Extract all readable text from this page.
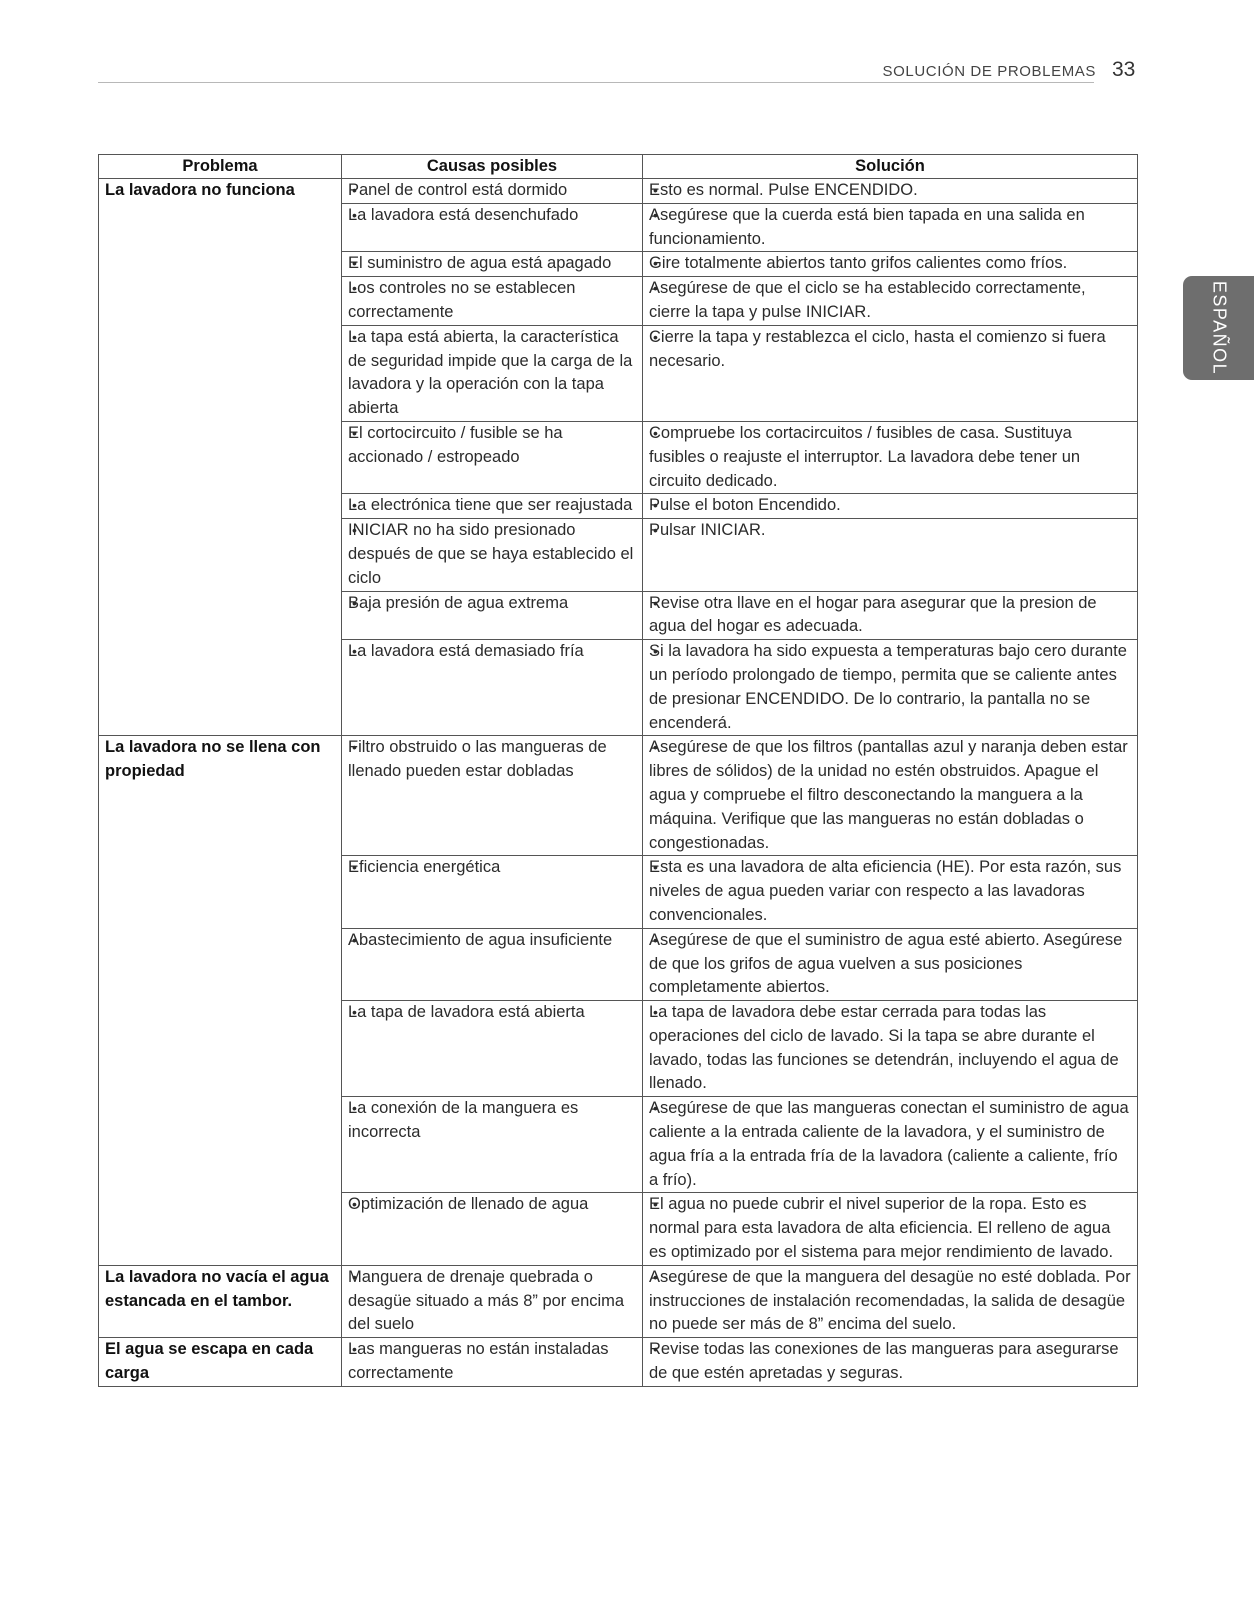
SOLUCIÓN DE PROBLEMAS 33
ESPAÑOL
Problema	Causas posibles	Solución
La lavadora no funciona	• Panel de control está dormido	• Esto es normal. Pulse ENCENDIDO.

	• La lavadora está desenchufado	• Asegúrese que la cuerda está bien tapada en una salida en funcionamiento.

	• El suministro de agua está apagado	• Gire totalmente abiertos tanto grifos calientes como fríos.

	• Los controles no se establecen correctamente	• Asegúrese de que el ciclo se ha establecido correctamente, cierre la tapa y pulse INICIAR.

	• La tapa está abierta, la característica de seguridad impide que la carga de la lavadora y la operación con la tapa abierta	• Cierre la tapa y restablezca el ciclo, hasta el comienzo si fuera necesario.

	• El cortocircuito / fusible se ha accionado / estropeado	• Compruebe los cortacircuitos / fusibles de casa. Sustituya fusibles o reajuste el interruptor. La lavadora debe tener un circuito dedicado.

	• La electrónica tiene que ser reajustada	• Pulse el boton Encendido.

	• INICIAR no ha sido presionado después de que se haya establecido el ciclo	• Pulsar INICIAR.

	• Baja presión de agua extrema	• Revise otra llave en el hogar para asegurar que la presion de agua del hogar es adecuada.

	• La lavadora está demasiado fría	• Si la lavadora ha sido expuesta a temperaturas bajo cero durante un período prolongado de tiempo, permita que se caliente antes de presionar ENCENDIDO. De lo contrario, la pantalla no se encenderá.

La lavadora no se llena con propiedad	• Filtro obstruido o las mangueras de llenado pueden estar dobladas	• Asegúrese de que los filtros (pantallas azul y naranja deben estar libres de sólidos) de la unidad no estén obstruidos. Apague el agua y compruebe el filtro desconectando la manguera a la máquina. Verifique que las mangueras no están dobladas o congestionadas.

	• Eficiencia energética	• Esta es una lavadora de alta eficiencia (HE). Por esta razón, sus niveles de agua pueden variar con respecto a las lavadoras convencionales.

	• Abastecimiento de agua insuficiente	• Asegúrese de que el suministro de agua esté abierto. Asegúrese de que los grifos de agua vuelven a sus posiciones completamente abiertos.

	• La tapa de lavadora está abierta	• La tapa de lavadora debe estar cerrada para todas las operaciones del ciclo de lavado. Si la tapa se abre durante el lavado, todas las funciones se detendrán, incluyendo el agua de llenado.

	• La conexión de la manguera es incorrecta	• Asegúrese de que las mangueras conectan el suministro de agua caliente a la entrada caliente de la lavadora, y el suministro de agua fría a la entrada fría de la lavadora (caliente a caliente, frío a frío).

	• Optimización de llenado de agua	• El agua no puede cubrir el nivel superior de la ropa. Esto es normal para esta lavadora de alta eficiencia. El relleno de agua es optimizado por el sistema para mejor rendimiento de lavado.

La lavadora no vacía el agua estancada en el tambor.	• Manguera de drenaje quebrada o desagüe situado a más 8” por encima del suelo	• Asegúrese de que la manguera del desagüe no esté doblada. Por instrucciones de instalación recomendadas, la salida de desagüe no puede ser más de 8” encima del suelo.

El agua se escapa en cada carga	• Las mangueras no están instaladas correctamente	• Revise todas las conexiones de las mangueras para asegurarse de que estén apretadas y seguras.
